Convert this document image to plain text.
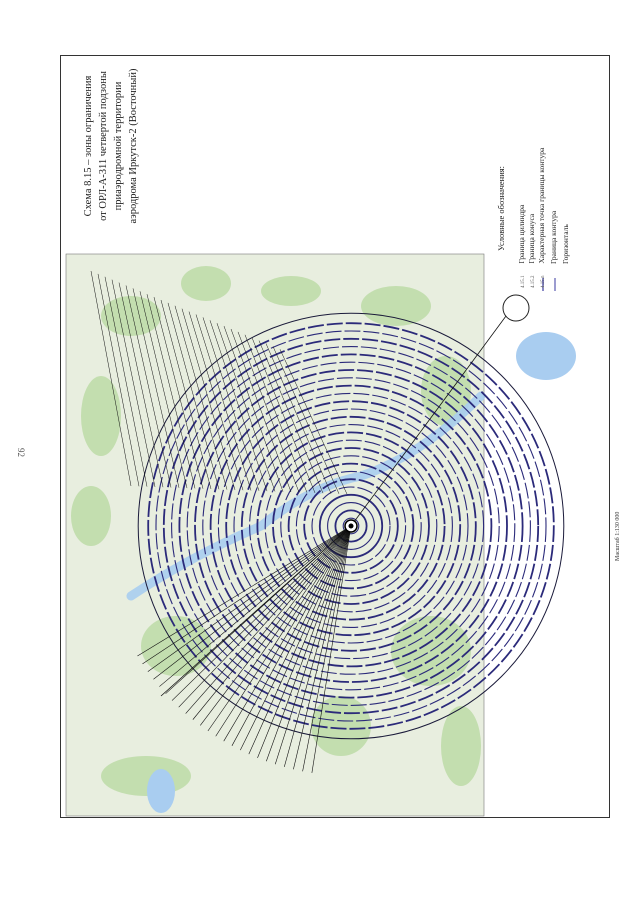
92
Схема 8.15 – зоны ограничения от ОРЛ-А-311 четвертой подзоны приаэродромной территории аэродрома Иркутск-2 (Восточный)	Условные обозначения:
4.15.1   Граница цилиндра
4.15.2   Граница конуса
4.15.n   Характерная точка границы контура Граница контура Горизонталь
Масштаб 1:130 000
